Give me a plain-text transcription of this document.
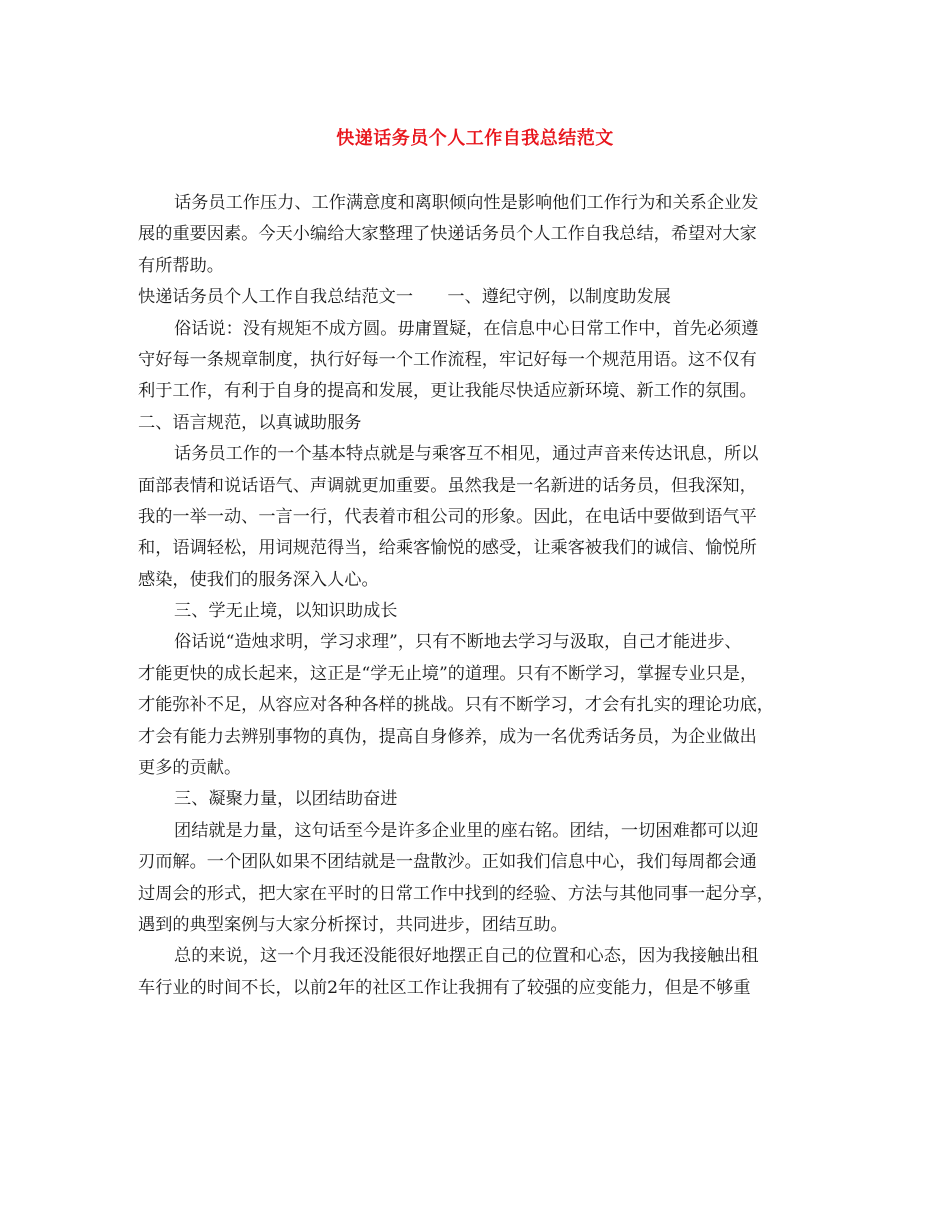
快递话务员个人工作自我总结范文
话务员工作压力、工作满意度和离职倾向性是影响他们工作行为和关系企业发
展的重要因素。今天小编给大家整理了快递话务员个人工作自我总结，希望对大家
有所帮助。
快递话务员个人工作自我总结范文一　　一、遵纪守例，以制度助发展
俗话说：没有规矩不成方圆。毋庸置疑，在信息中心日常工作中，首先必须遵
守好每一条规章制度，执行好每一个工作流程，牢记好每一个规范用语。这不仅有
利于工作，有利于自身的提高和发展，更让我能尽快适应新环境、新工作的氛围。
二、语言规范，以真诚助服务
话务员工作的一个基本特点就是与乘客互不相见，通过声音来传达讯息，所以
面部表情和说话语气、声调就更加重要。虽然我是一名新进的话务员，但我深知，
我的一举一动、一言一行，代表着市租公司的形象。因此，在电话中要做到语气平
和，语调轻松，用词规范得当，给乘客愉悦的感受，让乘客被我们的诚信、愉悦所
感染，使我们的服务深入人心。
三、学无止境，以知识助成长
俗话说“造烛求明，学习求理”，只有不断地去学习与汲取，自己才能进步、
才能更快的成长起来，这正是“学无止境”的道理。只有不断学习，掌握专业只是，
才能弥补不足，从容应对各种各样的挑战。只有不断学习，才会有扎实的理论功底，
才会有能力去辨别事物的真伪，提高自身修养，成为一名优秀话务员，为企业做出
更多的贡献。
三、凝聚力量，以团结助奋进
团结就是力量，这句话至今是许多企业里的座右铭。团结，一切困难都可以迎
刃而解。一个团队如果不团结就是一盘散沙。正如我们信息中心，我们每周都会通
过周会的形式，把大家在平时的日常工作中找到的经验、方法与其他同事一起分享，
遇到的典型案例与大家分析探讨，共同进步，团结互助。
总的来说，这一个月我还没能很好地摆正自己的位置和心态，因为我接触出租
车行业的时间不长，以前2年的社区工作让我拥有了较强的应变能力，但是不够重
